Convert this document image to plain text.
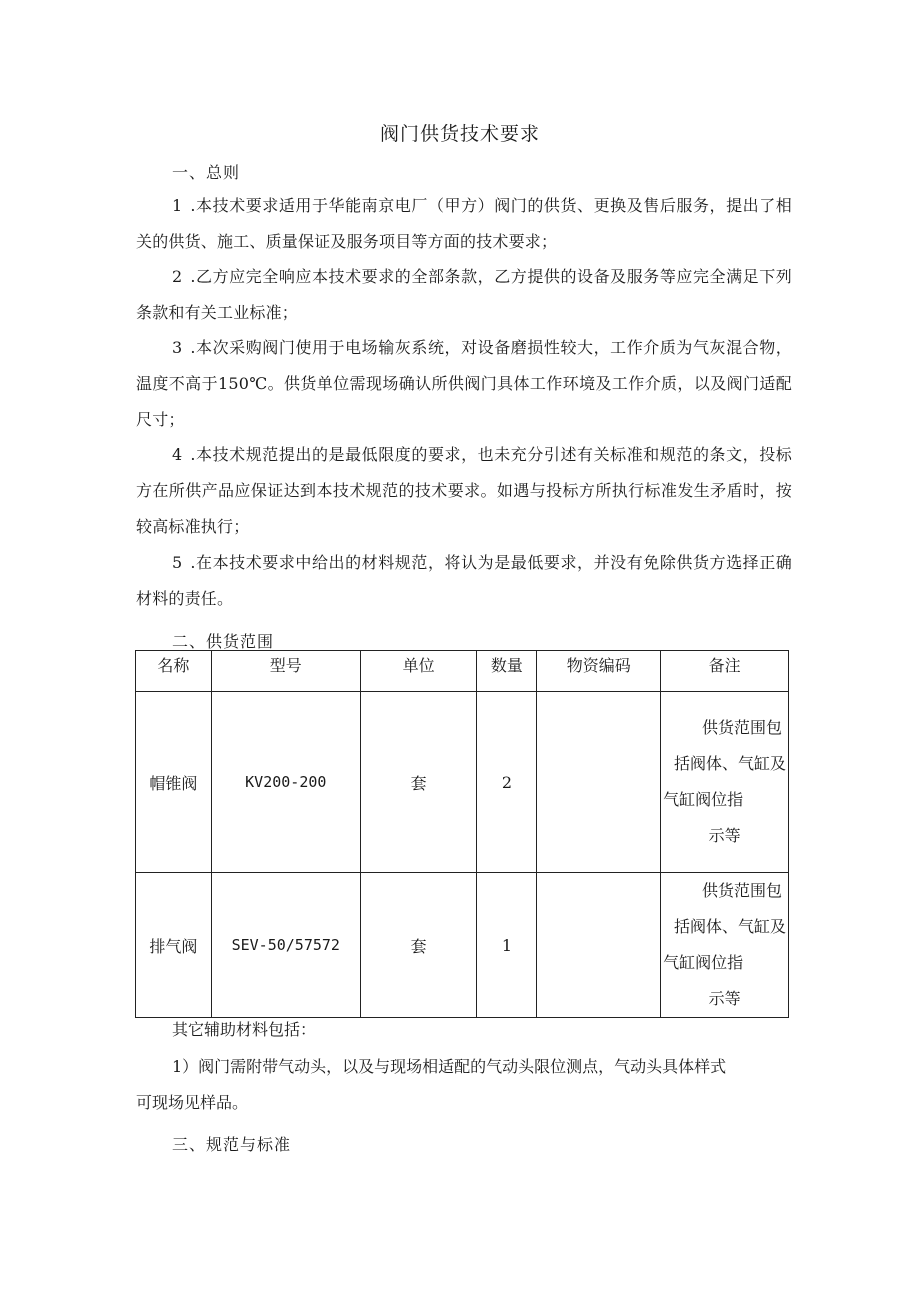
阀门供货技术要求
一、总则
1 .本技术要求适用于华能南京电厂（甲方）阀门的供货、更换及售后服务，提出了相关的供货、施工、质量保证及服务项目等方面的技术要求；
2 .乙方应完全响应本技术要求的全部条款，乙方提供的设备及服务等应完全满足下列条款和有关工业标准；
3 .本次采购阀门使用于电场输灰系统，对设备磨损性较大，工作介质为气灰混合物，温度不高于150℃。供货单位需现场确认所供阀门具体工作环境及工作介质，以及阀门适配尺寸；
4 .本技术规范提出的是最低限度的要求，也未充分引述有关标准和规范的条文，投标方在所供产品应保证达到本技术规范的技术要求。如遇与投标方所执行标准发生矛盾时，按较高标准执行；
5 .在本技术要求中给出的材料规范，将认为是最低要求，并没有免除供货方选择正确材料的责任。
二、供货范围
名称	型号	单位	数量	物资编码	备注
帽锥阀	KV200-200	套	2		供货范围包
括阀体、气缸及
气缸阀位指
示等

排气阀	SEV-50/57572	套	1		供货范围包
括阀体、气缸及
气缸阀位指
示等
其它辅助材料包括：
1）阀门需附带气动头，以及与现场相适配的气动头限位测点，气动头具体样式可现场见样品。
三、规范与标准
